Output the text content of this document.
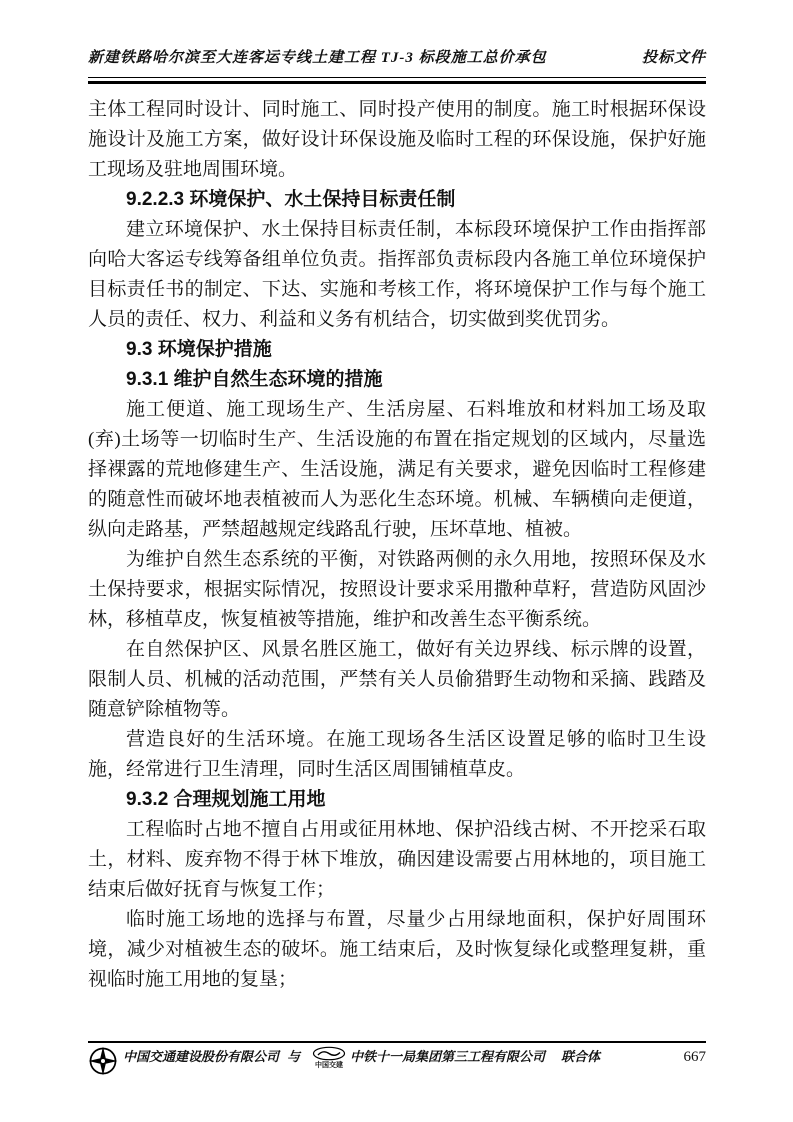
新建铁路哈尔滨至大连客运专线土建工程 TJ-3 标段施工总价承包	投标文件

主体工程同时设计、同时施工、同时投产使用的制度。施工时根据环保设施设计及施工方案，做好设计环保设施及临时工程的环保设施，保护好施工现场及驻地周围环境。

9.2.2.3 环境保护、水土保持目标责任制

建立环境保护、水土保持目标责任制，本标段环境保护工作由指挥部向哈大客运专线筹备组单位负责。指挥部负责标段内各施工单位环境保护目标责任书的制定、下达、实施和考核工作，将环境保护工作与每个施工人员的责任、权力、利益和义务有机结合，切实做到奖优罚劣。

9.3 环境保护措施

9.3.1 维护自然生态环境的措施

施工便道、施工现场生产、生活房屋、石料堆放和材料加工场及取(弃)土场等一切临时生产、生活设施的布置在指定规划的区域内，尽量选择裸露的荒地修建生产、生活设施，满足有关要求，避免因临时工程修建的随意性而破坏地表植被而人为恶化生态环境。机械、车辆横向走便道，纵向走路基，严禁超越规定线路乱行驶，压坏草地、植被。

为维护自然生态系统的平衡，对铁路两侧的永久用地，按照环保及水土保持要求，根据实际情况，按照设计要求采用撒种草籽，营造防风固沙林，移植草皮，恢复植被等措施，维护和改善生态平衡系统。

在自然保护区、风景名胜区施工，做好有关边界线、标示牌的设置，限制人员、机械的活动范围，严禁有关人员偷猎野生动物和采摘、践踏及随意铲除植物等。

营造良好的生活环境。在施工现场各生活区设置足够的临时卫生设施，经常进行卫生清理，同时生活区周围铺植草皮。

9.3.2 合理规划施工用地

工程临时占地不擅自占用或征用林地、保护沿线古树、不开挖采石取土，材料、废弃物不得于林下堆放，确因建设需要占用林地的，项目施工结束后做好抚育与恢复工作；

临时施工场地的选择与布置，尽量少占用绿地面积，保护好周围环境，减少对植被生态的破坏。施工结束后，及时恢复绿化或整理复耕，重视临时施工用地的复垦；

中国交通建设股份有限公司 与
中国交建
中铁十一局集团第三工程有限公司 联合体	667
